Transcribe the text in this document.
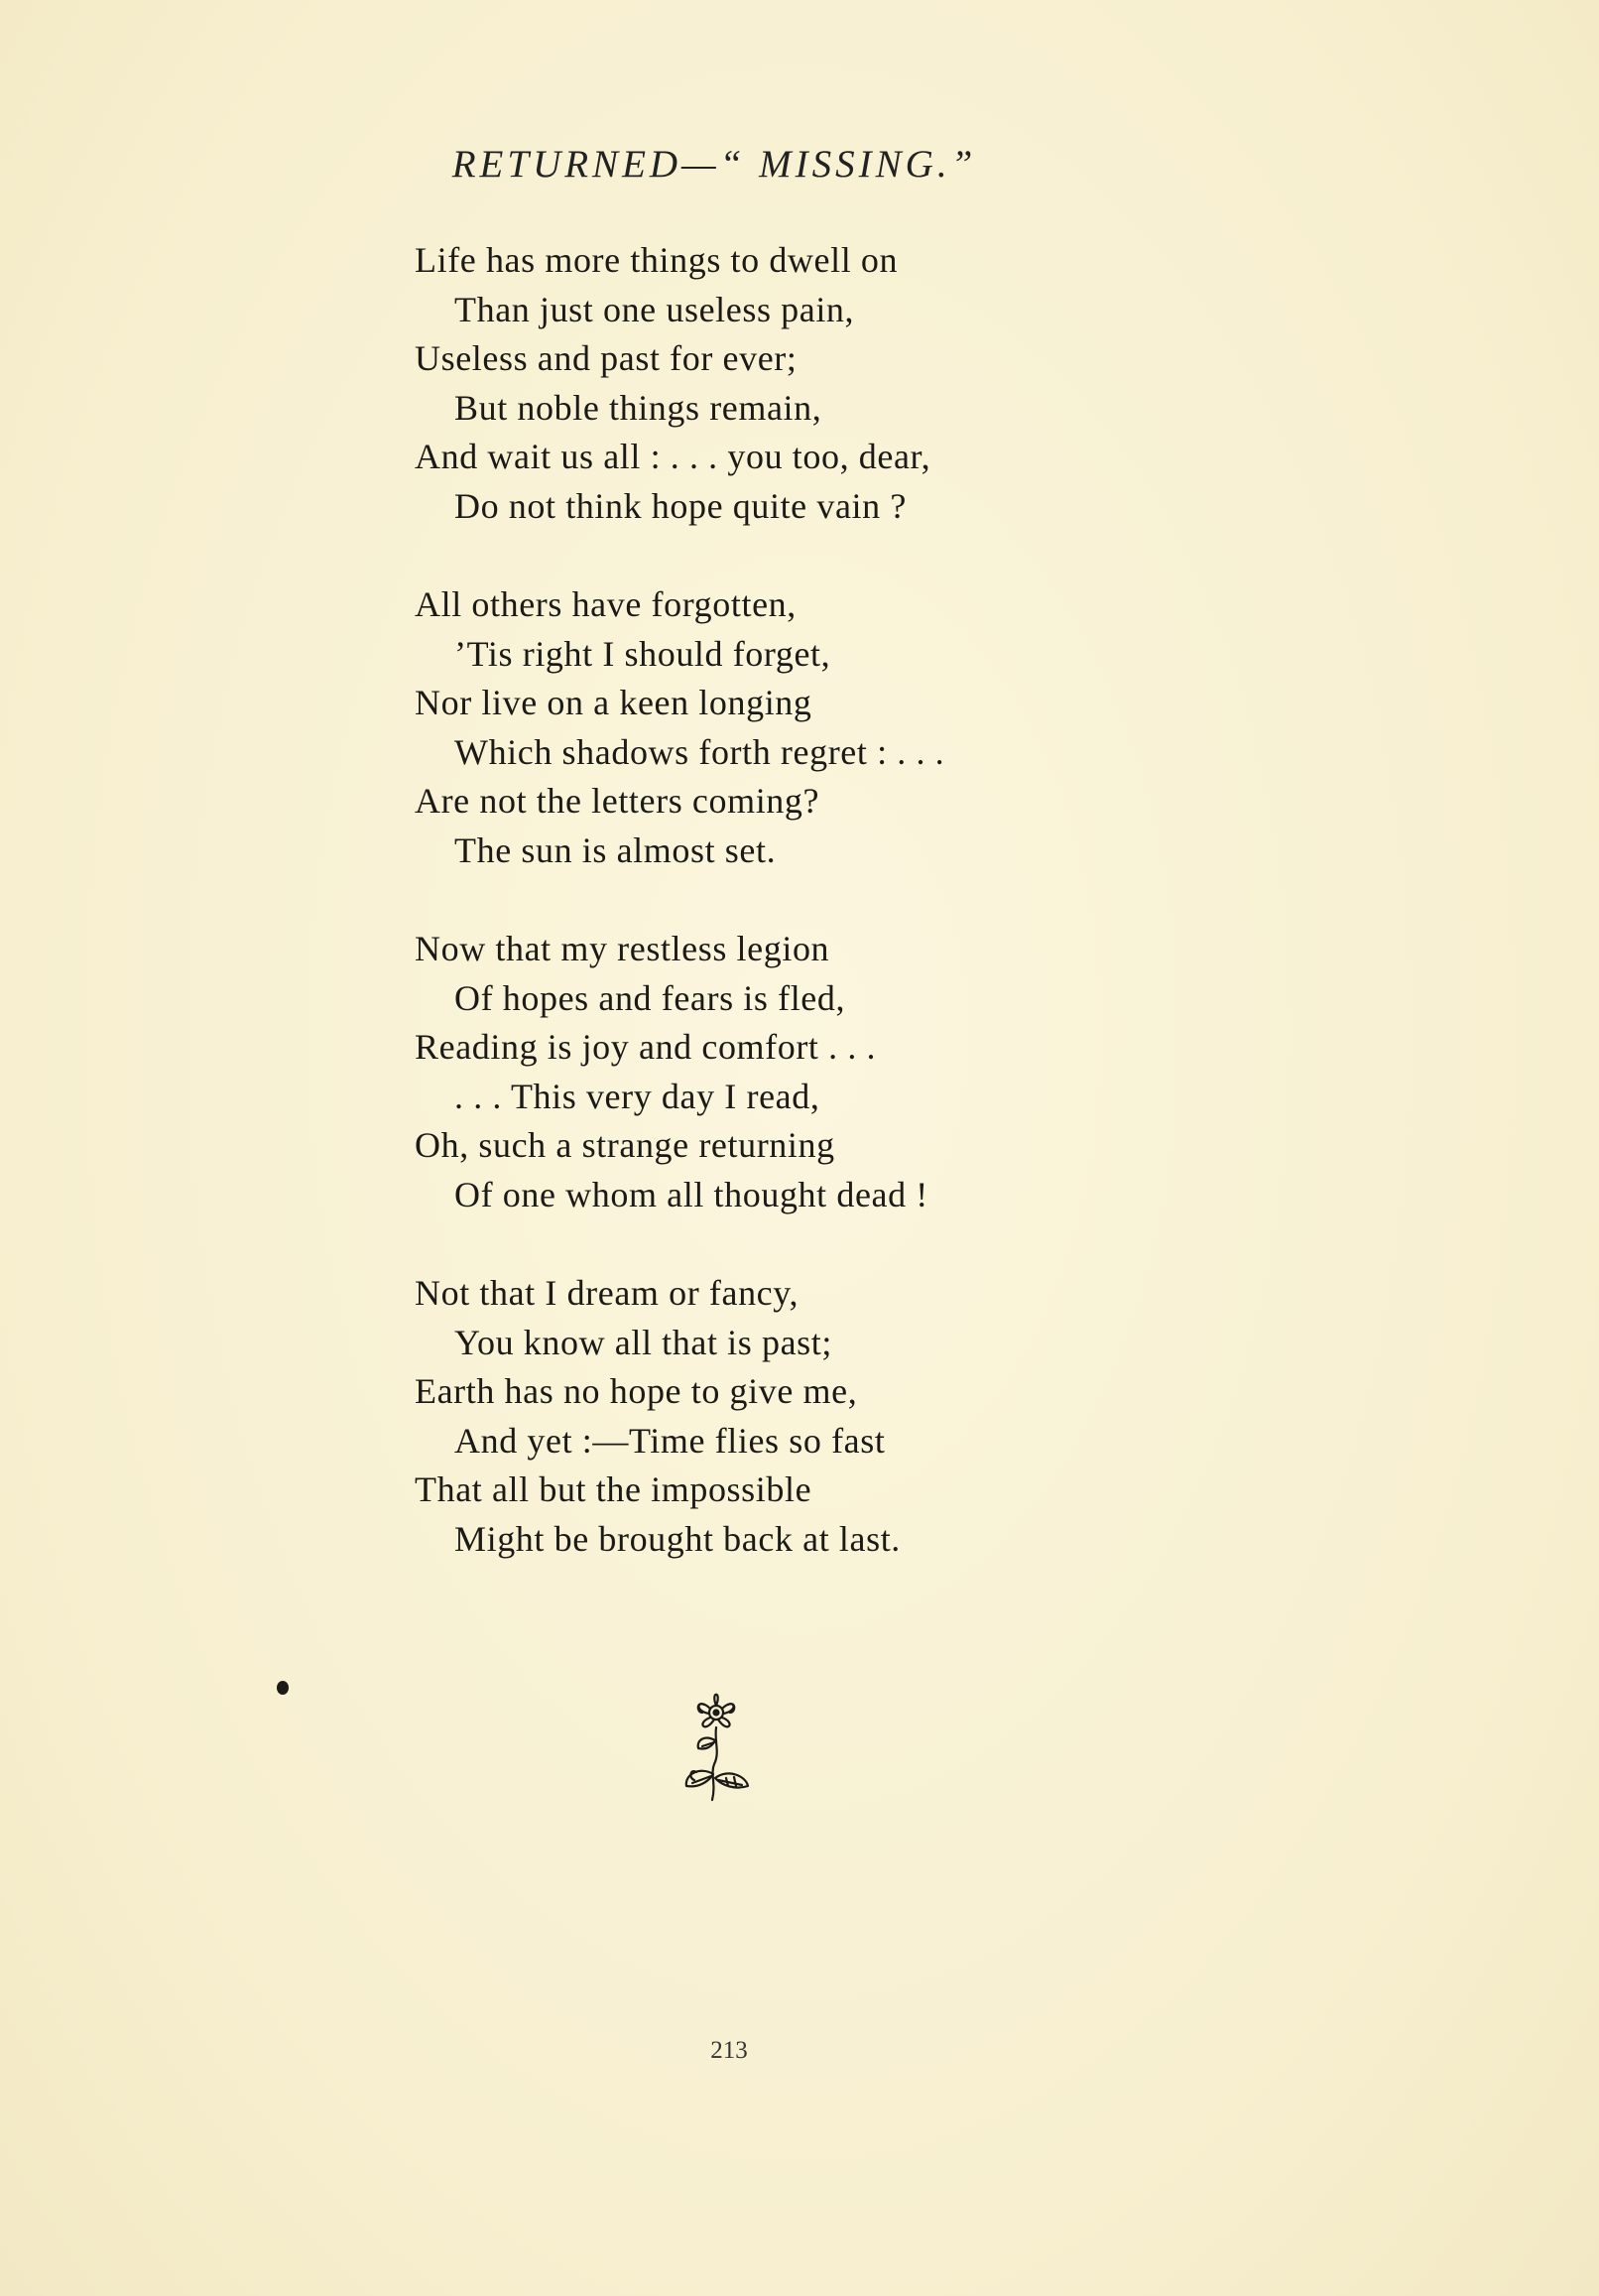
RETURNED—“ MISSING.”
Life has more things to dwell on
Than just one useless pain,
Useless and past for ever;
But noble things remain,
And wait us all : . . . you too, dear,
Do not think hope quite vain ?
All others have forgotten,
’Tis right I should forget,
Nor live on a keen longing
Which shadows forth regret : . . .
Are not the letters coming?
The sun is almost set.
Now that my restless legion
Of hopes and fears is fled,
Reading is joy and comfort . . .
. . . This very day I read,
Oh, such a strange returning
Of one whom all thought dead !
Not that I dream or fancy,
You know all that is past;
Earth has no hope to give me,
And yet :—Time flies so fast
That all but the impossible
Might be brought back at last.
213
